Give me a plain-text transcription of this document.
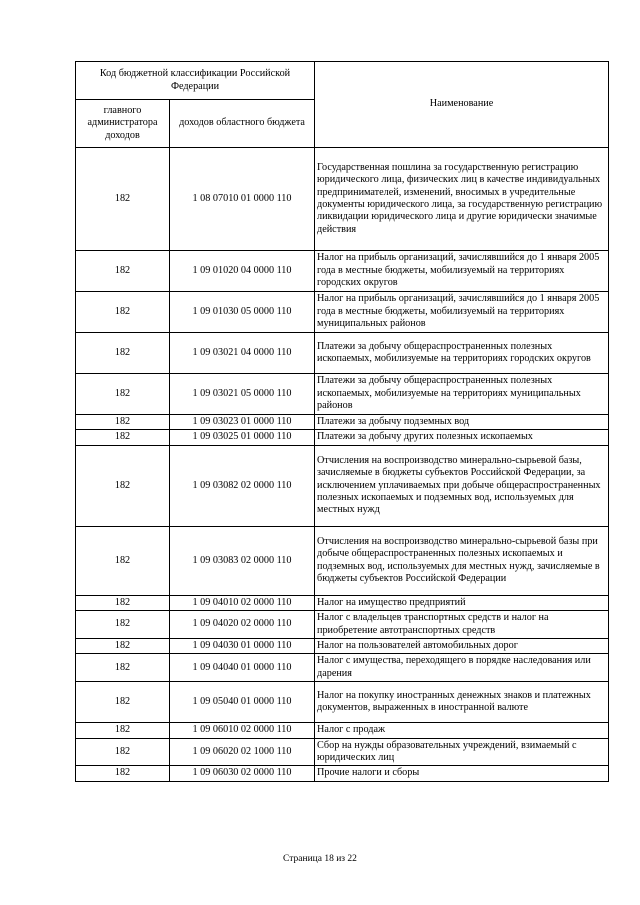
Код бюджетной классификации Российской Федерации		Наименование
главного администратора доходов	доходов областного бюджета	
182	1 08 07010 01 0000 110	Государственная пошлина за государственную регистрацию юридического лица, физических лиц в качестве индивидуальных предпринимателей, изменений, вносимых в учредительные документы юридического лица, за государственную регистрацию ликвидации юридического лица и другие юридически значимые действия
182	1 09 01020 04 0000 110	Налог на прибыль организаций, зачислявшийся до 1 января 2005 года в местные бюджеты, мобилизуемый на территориях городских округов
182	1 09 01030 05 0000 110	Налог на прибыль организаций, зачислявшийся до 1 января 2005 года в местные бюджеты, мобилизуемый на территориях муниципальных районов
182	1 09 03021 04 0000 110	Платежи за добычу общераспространенных полезных ископаемых, мобилизуемые на территориях городских округов
182	1 09 03021 05 0000 110	Платежи за добычу общераспространенных полезных ископаемых, мобилизуемые на территориях муниципальных районов
182	1 09 03023 01 0000 110	Платежи за добычу подземных вод
182	1 09 03025 01 0000 110	Платежи за добычу других полезных ископаемых
182	1 09 03082 02 0000 110	Отчисления на воспроизводство минерально-сырьевой базы, зачисляемые в бюджеты субъектов Российской Федерации, за исключением уплачиваемых при добыче общераспространенных полезных ископаемых и подземных вод, используемых для местных нужд
182	1 09 03083 02 0000 110	Отчисления на воспроизводство минерально-сырьевой базы при добыче общераспространенных полезных ископаемых и подземных вод, используемых для местных нужд, зачисляемые в бюджеты субъектов Российской Федерации
182	1 09 04010 02 0000 110	Налог на имущество предприятий
182	1 09 04020 02 0000 110	Налог с владельцев транспортных средств и налог на приобретение автотранспортных средств
182	1 09 04030 01 0000 110	Налог на пользователей автомобильных дорог
182	1 09 04040 01 0000 110	Налог с имущества, переходящего в порядке наследования или дарения
182	1 09 05040 01 0000 110	Налог на покупку иностранных денежных знаков и платежных документов, выраженных в иностранной валюте
182	1 09 06010 02 0000 110	Налог с продаж
182	1 09 06020 02 1000 110	Сбор на нужды образовательных учреждений, взимаемый с юридических лиц
182	1 09 06030 02 0000 110	Прочие налоги и сборы
Страница 18 из 22
